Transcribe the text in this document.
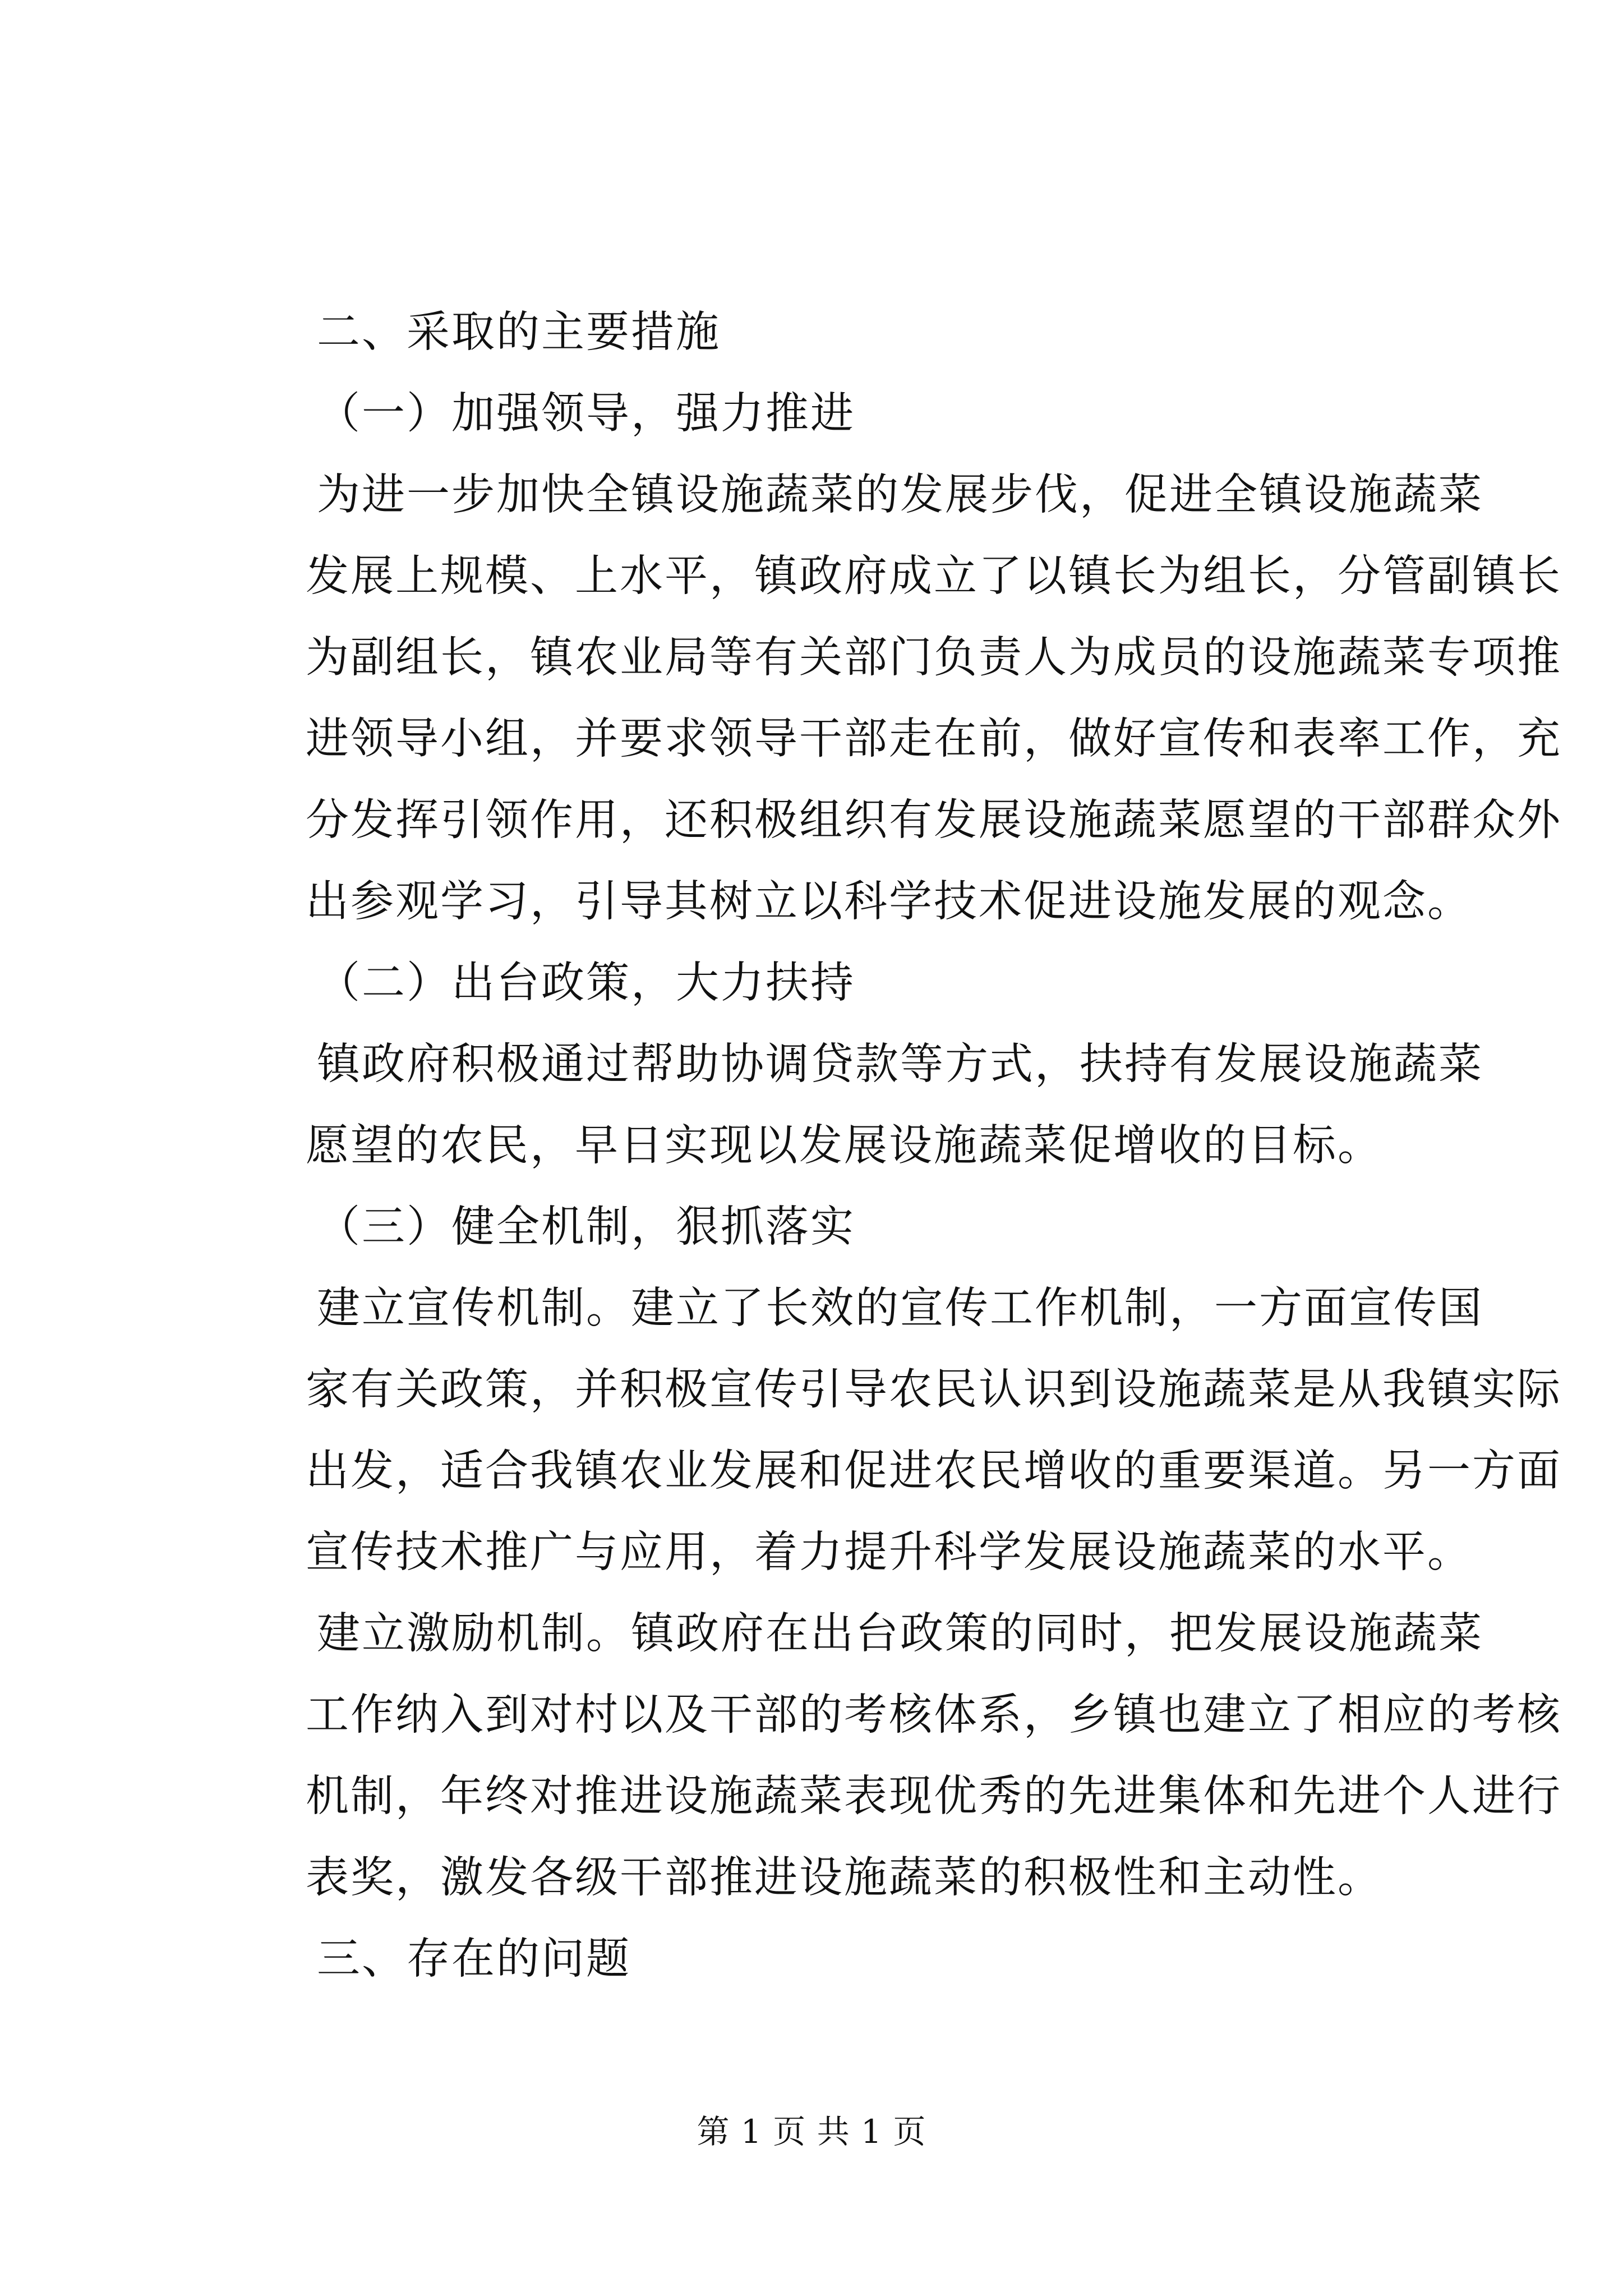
二、采取的主要措施
（一）加强领导，强力推进
为进一步加快全镇设施蔬菜的发展步伐，促进全镇设施蔬菜
发展上规模、上水平，镇政府成立了以镇长为组长，分管副镇长
为副组长，镇农业局等有关部门负责人为成员的设施蔬菜专项推
进领导小组，并要求领导干部走在前，做好宣传和表率工作，充
分发挥引领作用，还积极组织有发展设施蔬菜愿望的干部群众外
出参观学习，引导其树立以科学技术促进设施发展的观念。
（二）出台政策，大力扶持
镇政府积极通过帮助协调贷款等方式，扶持有发展设施蔬菜
愿望的农民，早日实现以发展设施蔬菜促增收的目标。
（三）健全机制，狠抓落实
建立宣传机制。建立了长效的宣传工作机制，一方面宣传国
家有关政策，并积极宣传引导农民认识到设施蔬菜是从我镇实际
出发，适合我镇农业发展和促进农民增收的重要渠道。另一方面
宣传技术推广与应用，着力提升科学发展设施蔬菜的水平。
建立激励机制。镇政府在出台政策的同时，把发展设施蔬菜
工作纳入到对村以及干部的考核体系，乡镇也建立了相应的考核
机制，年终对推进设施蔬菜表现优秀的先进集体和先进个人进行
表奖，激发各级干部推进设施蔬菜的积极性和主动性。
三、存在的问题
第 1 页 共 1 页
